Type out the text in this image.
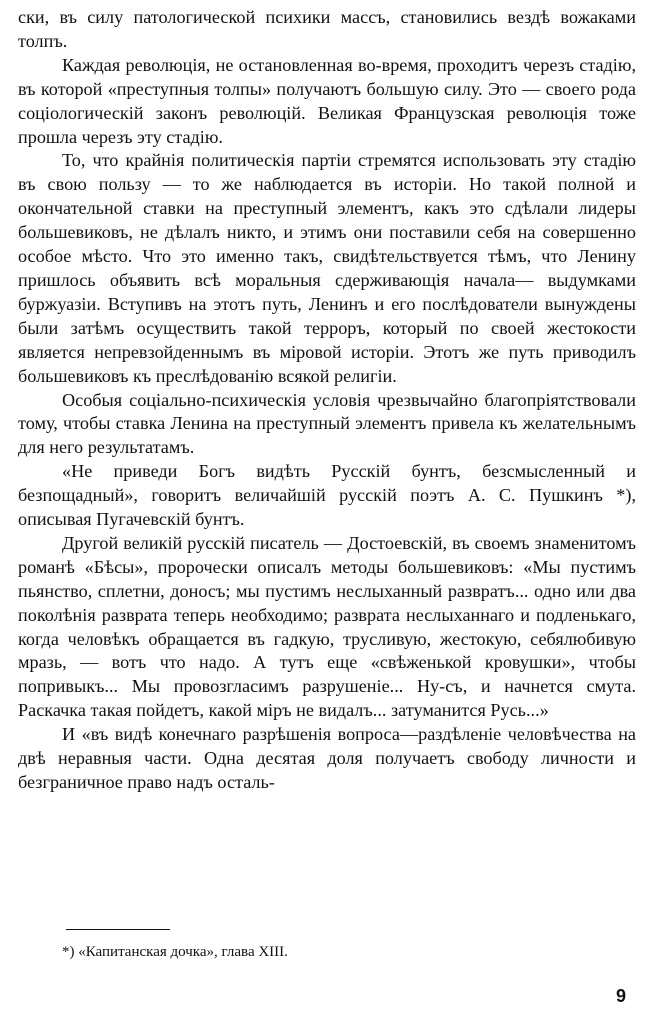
ски, въ силу патологической психики массъ, становились вездѣ вожаками толпъ.

Каждая революція, не остановленная во-время, проходитъ черезъ стадію, въ которой «преступныя толпы» получаютъ большую силу. Это — своего рода соціологическій законъ революцій. Великая Французская революція тоже прошла черезъ эту стадію.

То, что крайнія политическія партіи стремятся использовать эту стадію въ свою пользу — то же наблюдается въ исторіи. Но такой полной и окончательной ставки на преступный элементъ, какъ это сдѣлали лидеры большевиковъ, не дѣлалъ никто, и этимъ они поставили себя на совершенно особое мѣсто. Что это именно такъ, свидѣтельствуется тѣмъ, что Ленину пришлось объявить всѣ моральныя сдерживающія начала— выдумками буржуазіи. Вступивъ на этотъ путь, Ленинъ и его послѣдователи вынуждены были затѣмъ осуществить такой терроръ, который по своей жестокости является непревзойденнымъ въ міровой исторіи. Этотъ же путь приводилъ большевиковъ къ преслѣдованію всякой религіи.

Особыя соціально-психическія условія чрезвычайно благопріятствовали тому, чтобы ставка Ленина на преступный элементъ привела къ желательнымъ для него результатамъ.

«Не приведи Богъ видѣть Русскій бунтъ, безсмысленный и безпощадный», говоритъ величайшій русскій поэтъ А. С. Пушкинъ *), описывая Пугачевскій бунтъ.

Другой великій русскій писатель — Достоевскій, въ своемъ знаменитомъ романѣ «Бѣсы», пророчески описалъ методы большевиковъ: «Мы пустимъ пьянство, сплетни, доносъ; мы пустимъ неслыханный развратъ... одно или два поколѣнія разврата теперь необходимо; разврата неслыханнаго и подленькаго, когда человѣкъ обращается въ гадкую, трусливую, жестокую, себялюбивую мразь, — вотъ что надо. А тутъ еще «свѣженькой кровушки», чтобы попривыкъ... Мы провозгласимъ разрушеніе... Ну-съ, и начнется смута. Раскачка такая пойдетъ, какой міръ не видалъ... затуманится Русь...»

И «въ видѣ конечнаго разрѣшенія вопроса—раздѣленіе человѣчества на двѣ неравныя части. Одна десятая доля получаетъ свободу личности и безграничное право надъ осталь-

*) «Капитанская дочка», глава XIII.
9
